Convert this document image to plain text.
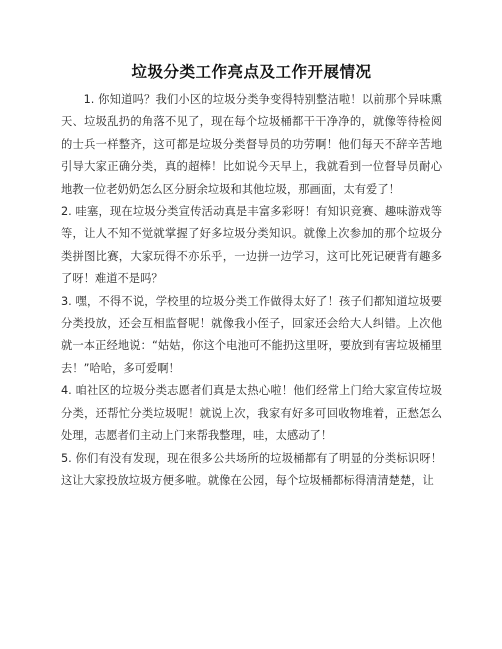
垃圾分类工作亮点及工作开展情况

1. 你知道吗？我们小区的垃圾分类争变得特别整洁啦！以前那个异味熏天、垃圾乱扔的角落不见了，现在每个垃圾桶都干干净净的，就像等待检阅的士兵一样整齐，这可都是垃圾分类督导员的功劳啊！他们每天不辞辛苦地引导大家正确分类，真的超棒！比如说今天早上，我就看到一位督导员耐心地教一位老奶奶怎么区分厨余垃圾和其他垃圾，那画面，太有爱了！

2. 哇塞，现在垃圾分类宣传活动真是丰富多彩呀！有知识竞赛、趣味游戏等等，让人不知不觉就掌握了好多垃圾分类知识。就像上次参加的那个垃圾分类拼图比赛，大家玩得不亦乐乎，一边拼一边学习，这可比死记硬背有趣多了呀！难道不是吗？

3. 嘿，不得不说，学校里的垃圾分类工作做得太好了！孩子们都知道垃圾要分类投放，还会互相监督呢！就像我小侄子，回家还会给大人纠错。上次他就一本正经地说：“姑姑，你这个电池可不能扔这里呀，要放到有害垃圾桶里去！”哈哈，多可爱啊！

4. 咱社区的垃圾分类志愿者们真是太热心啦！他们经常上门给大家宣传垃圾分类，还帮忙分类垃圾呢！就说上次，我家有好多可回收物堆着，正愁怎么处理，志愿者们主动上门来帮我整理，哇，太感动了！

5. 你们有没有发现，现在很多公共场所的垃圾桶都有了明显的分类标识呀！这让大家投放垃圾方便多啦。就像在公园，每个垃圾桶都标得清清楚楚，让
